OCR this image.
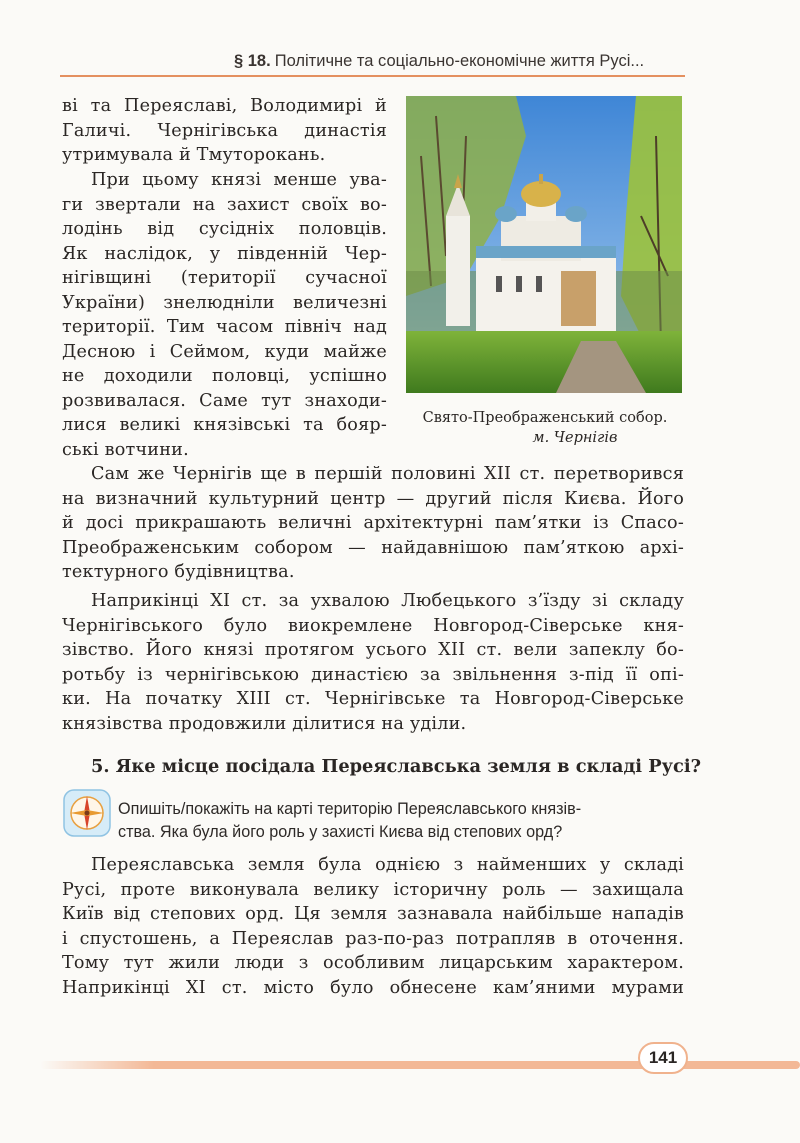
§ 18. Політичне та соціально-економічне життя Русі...
ві та Переяславі, Володимирі й
Галичі. Чернігівська династія
утримувала й Тмуторокань.
При цьому князі менше ува-
ги звертали на захист своїх во-
лодінь від сусідніх половців.
Як наслідок, у південній Чер-
нігівщині (території сучасної
України) знелюдніли величезні
території. Тим часом північ над
Десною і Сеймом, куди майже
не доходили половці, успішно
розвивалася. Саме тут знаходи-
лися великі князівські та бояр-
ські вотчини.
Свято-Преображенський собор.
м. Чернігів
Сам же Чернігів ще в першій половині XII ст. перетворився
на визначний культурний центр — другий після Києва. Його
й досі прикрашають величні архітектурні пам’ятки із Спасо-
Преображенським собором — найдавнішою пам’яткою архі-
тектурного будівництва.
Наприкінці XI ст. за ухвалою Любецького з’їзду зі складу
Чернігівського було виокремлене Новгород-Сіверське кня-
зівство. Його князі протягом усього XII ст. вели запеклу бо-
ротьбу із чернігівською династією за звільнення з-під її опі-
ки. На початку XIII ст. Чернігівське та Новгород-Сіверське
князівства продовжили ділитися на уділи.
5. Яке місце посідала Переяславська земля в складі Русі?
Опишіть/покажіть на карті територію Переяславського князів-
ства. Яка була його роль у захисті Києва від степових орд?
Переяславська земля була однією з найменших у складі
Русі, проте виконувала велику історичну роль — захищала
Київ від степових орд. Ця земля зазнавала найбільше нападів
і спустошень, а Переяслав раз-по-раз потрапляв в оточення.
Тому тут жили люди з особливим лицарським характером.
Наприкінці XI ст. місто було обнесене кам’яними мурами
141
